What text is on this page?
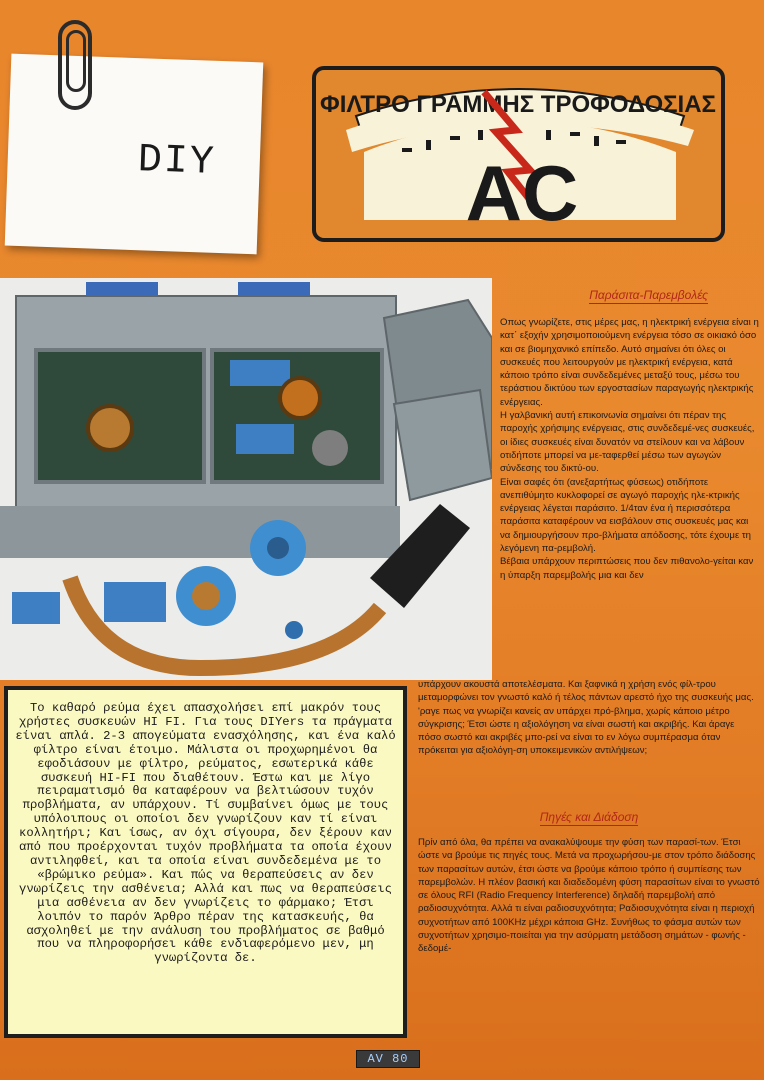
DIY
ΦΙΛΤΡΟ ΓΡΑΜΜΗΣ ΤΡΟΦΟΔΟΣΙΑΣ
AC
Παράσιτα-Παρεμβολές

Οπως γνωρίζετε, στις μέρες μας, η ηλεκτρική ενέργεια είναι η κατ΄ εξοχήν χρησιμοποιούμενη ενέργεια τόσο σε οικιακό όσο και σε βιομηχανικό επίπεδο. Αυτό σημαίνει ότι όλες οι συσκευές που λειτουργούν με ηλεκτρική ενέργεια, κατά κάποιο τρόπο είναι συνδεδεμένες μεταξύ τους, μέσω του τεράστιου δικτύου των εργοστασίων παραγωγής ηλεκτρικής ενέργειας.

Η γαλβανική αυτή επικοινωνία σημαίνει ότι πέραν της παροχής χρήσιμης ενέργειας, στις συνδεδεμέ-νες συσκευές, οι ίδιες συσκευές είναι δυνατόν να στείλουν και να λάβουν οτιδήποτε μπορεί να με-ταφερθεί μέσω των αγωγών σύνδεσης του δικτύ-ου.

Είναι σαφές ότι (ανεξαρτήτως φύσεως) οτιδήποτε ανεπιθύμητο κυκλοφορεί σε αγωγό παροχής ηλε-κτρικής ενέργειας λέγεται παράσιτο. 1/4ταν ένα ή περισσότερα παράσιτα καταφέρουν να εισβάλουν στις συσκευές μας και να δημιουργήσουν προ-βλήματα απόδοσης, τότε έχουμε τη λεγόμενη πα-ρεμβολή.

Βέβαια υπάρχουν περιπτώσεις που δεν πιθανολο-γείται καν η ύπαρξη παρεμβολής μια και δεν

υπάρχουν ακουστά αποτελέσματα. Και ξαφνικά η χρήση ενός φίλ-τρου μεταμορφώνει τον γνωστό καλό ή τέλος πάντων αρεστό ήχο της συσκευής μας. 'ραγε πως να γνωρίζει κανείς αν υπάρχει πρό-βλημα, χωρίς κάποιο μέτρο σύγκρισης; Έτσι ώστε η αξιολόγηση να είναι σωστή και ακριβής. Και άραγε πόσο σωστό και ακριβές μπο-ρεί να είναι το εν λόγω συμπέρασμα όταν πρόκειται για αξιολόγη-ση υποκειμενικών αντιλήψεων;

Πηγές και Διάδοση

Πρίν από όλα, θα πρέπει να ανακαλύψουμε την φύση των παρασί-των. Έτσι ώστε να βρούμε τις πηγές τους. Μετά να προχωρήσου-με στον τρόπο διάδοσης των παρασίτων αυτών, έτσι ώστε να βρούμε κάποιο τρόπο ή συμπίεσης των παρεμβολών. Η πλέον βασική και διαδεδομένη φύση παρασίτων είναι το γνωστό σε όλους RFI (Radio Frequency Interference) δηλαδή παρεμβολή από ραδιοσυχνότητα. Αλλά τι είναι ραδιοσυχνότητα; Ραδιοσυχνότητα είναι η περιοχή συχνοτήτων από 100KHz μέχρι κάποια GHz. Συνήθως το φάσμα αυτών των συχνοτήτων χρησιμο-ποιείται για την ασύρματη μετάδοση σημάτων - φωνής - δεδομέ-

Το καθαρό ρεύμα έχει απασχολήσει επί μακρόν τους χρήστες συσκευών HI FI. Για τους DIYers τα πράγματα είναι απλά. 2-3 απογεύματα ενασχόλησης, και ένα καλό φίλτρο είναι έτοιμο. Μάλιστα οι προχωρημένοι θα εφοδιάσουν με φίλτρο, ρεύματος, εσωτερικά κάθε συσκευή HI-FI που διαθέτουν. Έστω και με λίγο πειραματισμό θα καταφέρουν να βελτιώσουν τυχόν προβλήματα, αν υπάρχουν. Τί συμβαίνει όμως με τους υπόλοιπους οι οποίοι δεν γνωρίζουν καν τί είναι κολλητήρι; Και ίσως, αν όχι σίγουρα, δεν ξέρουν καν από που προέρχονται τυχόν προβλήματα τα οποία έχουν αντιληφθεί, και τα οποία είναι συνδεδεμένα με το «βρώμικο ρεύμα». Και πώς να θεραπεύσεις αν δεν γνωρίζεις την ασθένεια; Αλλά και πως να θεραπεύσεις μια ασθένεια αν δεν γνωρίζεις το φάρμακο; Έτσι λοιπόν το παρόν Άρθρο πέραν της κατασκευής, θα ασχοληθεί με την ανάλυση του προβλήματος σε βαθμό που να πληροφορήσει κάθε ενδιαφερόμενο μεν, μη γνωρίζοντα δε.
AV 80
